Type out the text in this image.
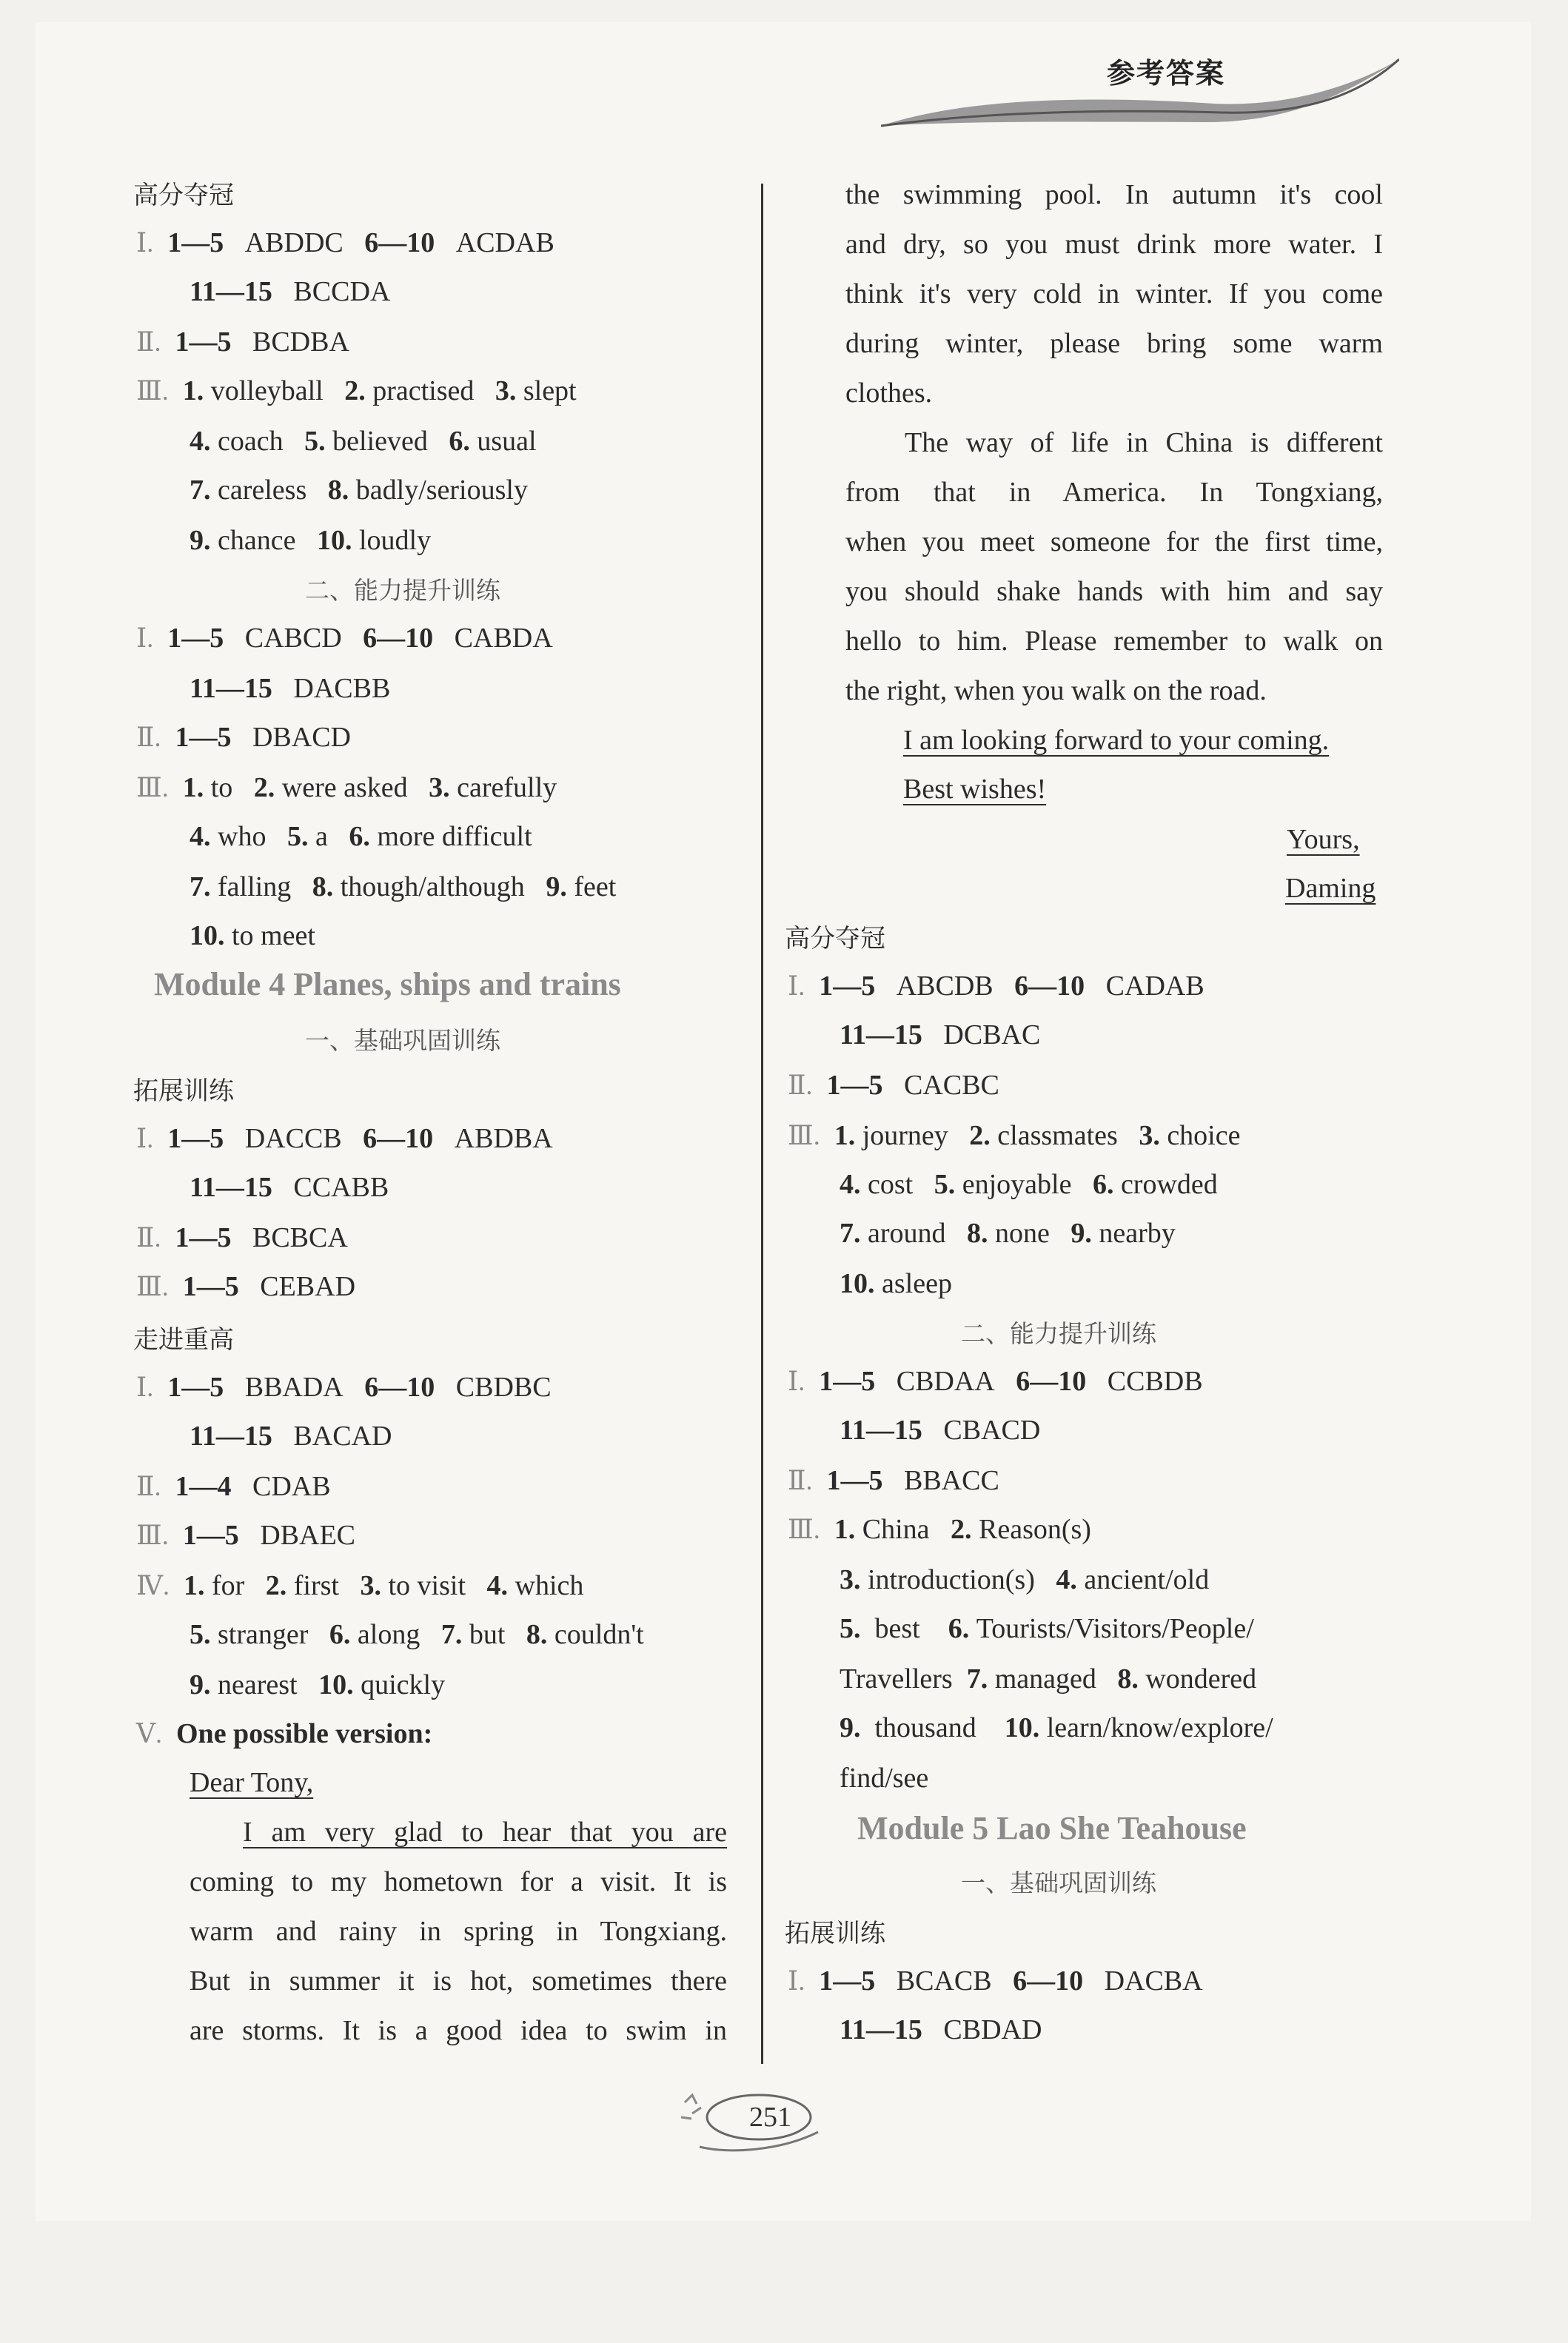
参考答案
高分夺冠
Ⅰ. 1—5 ABDDC 6—10 ACDAB
11—15 BCCDA
Ⅱ. 1—5 BCDBA
Ⅲ. 1. volleyball 2. practised 3. slept
4. coach 5. believed 6. usual
7. careless 8. badly/seriously
9. chance 10. loudly
二、能力提升训练
Ⅰ. 1—5 CABCD 6—10 CABDA
11—15 DACBB
Ⅱ. 1—5 DBACD
Ⅲ. 1. to 2. were asked 3. carefully
4. who 5. a 6. more difficult
7. falling 8. though/although 9. feet
10. to meet
Module 4 Planes, ships and trains
一、基础巩固训练
拓展训练
Ⅰ. 1—5 DACCB 6—10 ABDBA
11—15 CCABB
Ⅱ. 1—5 BCBCA
Ⅲ. 1—5 CEBAD
走进重高
Ⅰ. 1—5 BBADA 6—10 CBDBC
11—15 BACAD
Ⅱ. 1—4 CDAB
Ⅲ. 1—5 DBAEC
Ⅳ. 1. for 2. first 3. to visit 4. which
5. stranger 6. along 7. but 8. couldn't
9. nearest 10. quickly
Ⅴ. One possible version:
Dear Tony,
I am very glad to hear that you are
coming to my hometown for a visit. It is
warm and rainy in spring in Tongxiang.
But in summer it is hot, sometimes there
are storms. It is a good idea to swim in
the swimming pool. In autumn it's cool
and dry, so you must drink more water. I
think it's very cold in winter. If you come
during winter, please bring some warm
clothes.
The way of life in China is different
from that in America. In Tongxiang,
when you meet someone for the first time,
you should shake hands with him and say
hello to him. Please remember to walk on
the right, when you walk on the road.
I am looking forward to your coming.
Best wishes!
Yours,
Daming
高分夺冠
Ⅰ. 1—5 ABCDB 6—10 CADAB
11—15 DCBAC
Ⅱ. 1—5 CACBC
Ⅲ. 1. journey 2. classmates 3. choice
4. cost 5. enjoyable 6. crowded
7. around 8. none 9. nearby
10. asleep
二、能力提升训练
Ⅰ. 1—5 CBDAA 6—10 CCBDB
11—15 CBACD
Ⅱ. 1—5 BBACC
Ⅲ. 1. China 2. Reason(s)
3. introduction(s) 4. ancient/old
5. best 6. Tourists/Visitors/People/
Travellers 7. managed 8. wondered
9. thousand 10. learn/know/explore/
find/see
Module 5 Lao She Teahouse
一、基础巩固训练
拓展训练
Ⅰ. 1—5 BCACB 6—10 DACBA
11—15 CBDAD
251
